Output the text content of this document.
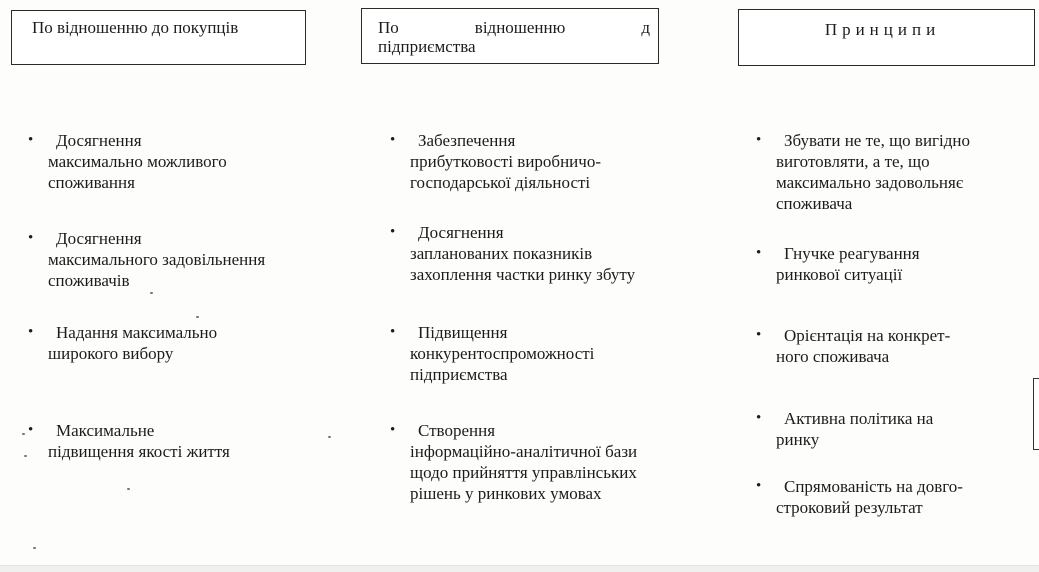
По відношенню до покупців	По відношенню д
підприємства
Принципи
• Досягнення
максимально можливого споживання
• Досягнення
максимального задовільнення споживачів
• Надання максимально
широкого вибору
• Максимальне
підвищення якості життя
• Забезпечення
прибутковості виробничо-господарської діяльності
• Досягнення
запланованих показників захоплення частки ринку збуту
• Підвищення
конкурентоспроможності підприємства
• Створення
інформаційно-аналітичної бази щодо прийняття управлінських рішень у ринкових умовах
• Збувати не те, що вигідно
виготовляти, а те, що максимально задовольняє споживача
• Гнучке реагування
ринкової ситуації
• Орієнтація на конкрет-
ного споживача
• Активна політика на
ринку
• Спрямованість на довго-
строковий результат
